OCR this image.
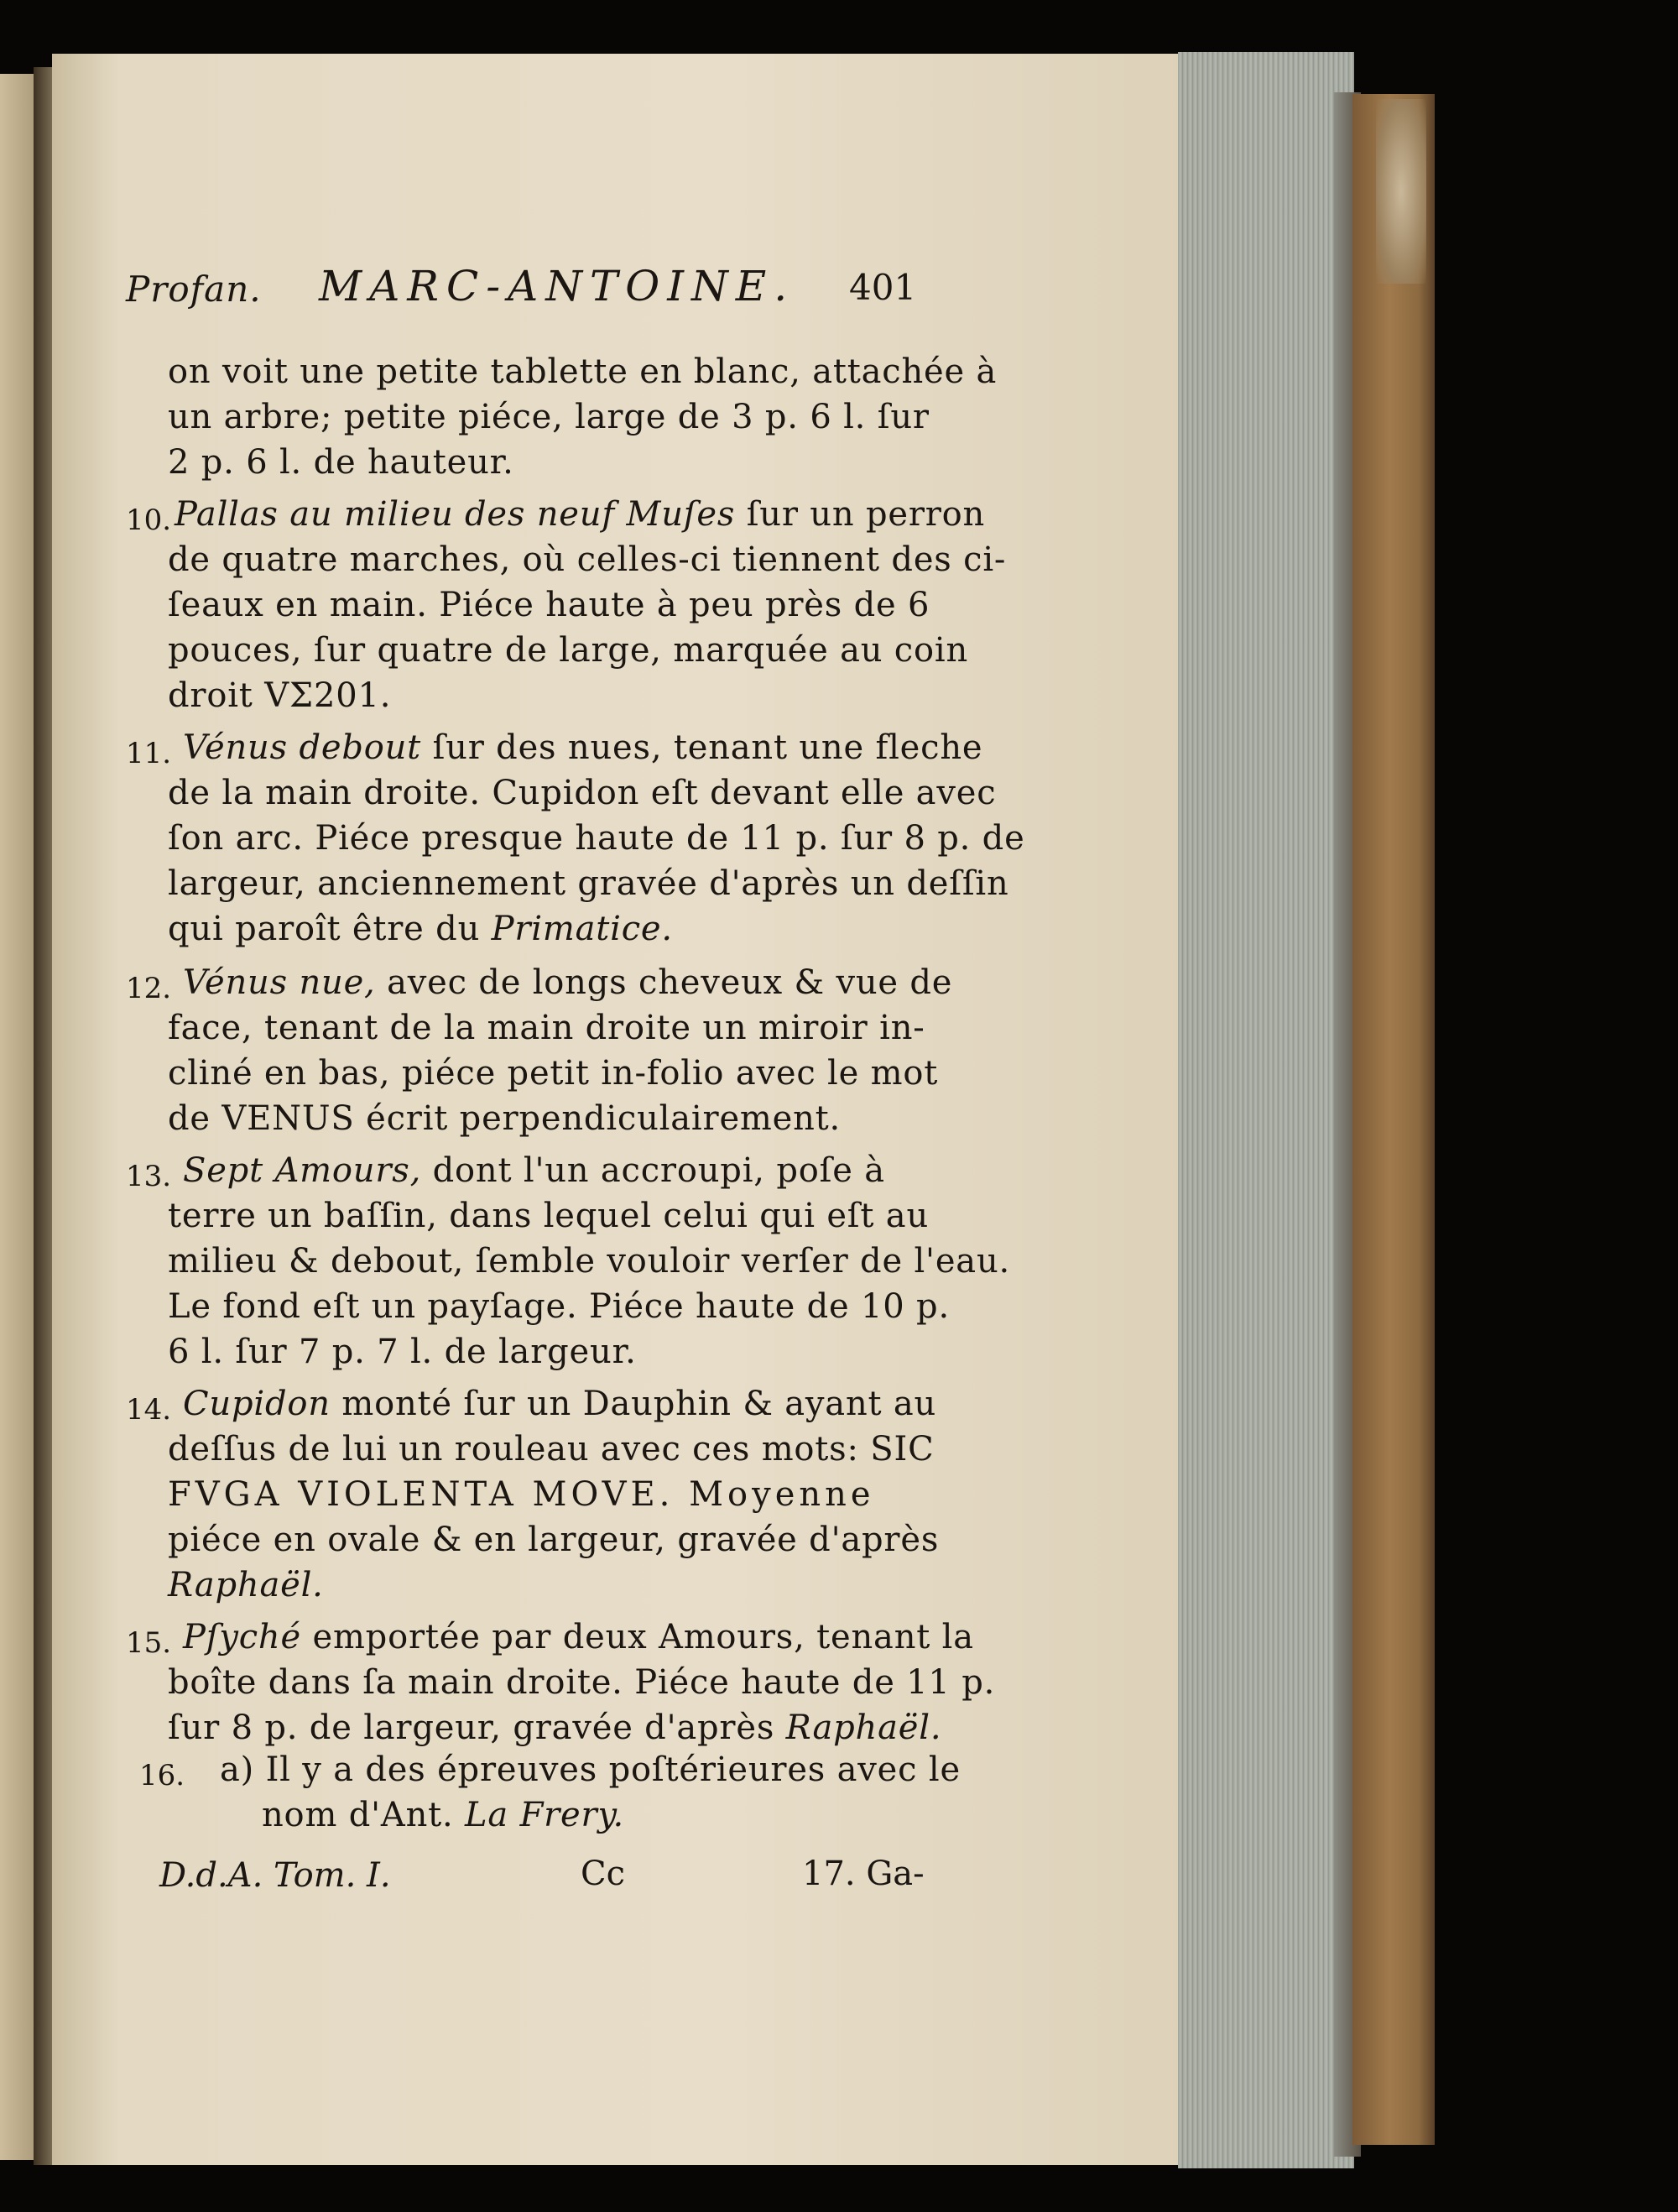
Profan. MARC-ANTOINE. 401
on voit une petite tablette en blanc, attachée à
un arbre; petite piéce, large de 3 p. 6 l. ſur
2 p. 6 l. de hauteur.
10. Pallas au milieu des neuf Muſes ſur un perron
de quatre marches, où celles-ci tiennent des ci-
ſeaux en main. Piéce haute à peu près de 6
pouces, ſur quatre de large, marquée au coin
droit VΣ201.
11. Vénus debout ſur des nues, tenant une fleche
de la main droite. Cupidon eſt devant elle avec
ſon arc. Piéce presque haute de 11 p. ſur 8 p. de
largeur, anciennement gravée d'après un deſſin
qui paroît être du Primatice.
12. Vénus nue, avec de longs cheveux & vue de
face, tenant de la main droite un miroir in-
cliné en bas, piéce petit in-folio avec le mot
de VENUS écrit perpendiculairement.
13. Sept Amours, dont l'un accroupi, poſe à
terre un baſſin, dans lequel celui qui eſt au
milieu & debout, ſemble vouloir verſer de l'eau.
Le fond eſt un payſage. Piéce haute de 10 p.
6 l. ſur 7 p. 7 l. de largeur.
14. Cupidon monté ſur un Dauphin & ayant au
deſſus de lui un rouleau avec ces mots: SIC
FVGA VIOLENTA MOVE. Moyenne
piéce en ovale & en largeur, gravée d'après
Raphaël.
15. Pſyché emportée par deux Amours, tenant la
boîte dans ſa main droite. Piéce haute de 11 p.
ſur 8 p. de largeur, gravée d'après Raphaël.
16. a) Il y a des épreuves poſtérieures avec le
nom d'Ant. La Frery.
D.d.A. Tom. I.	Cc	17. Ga-
